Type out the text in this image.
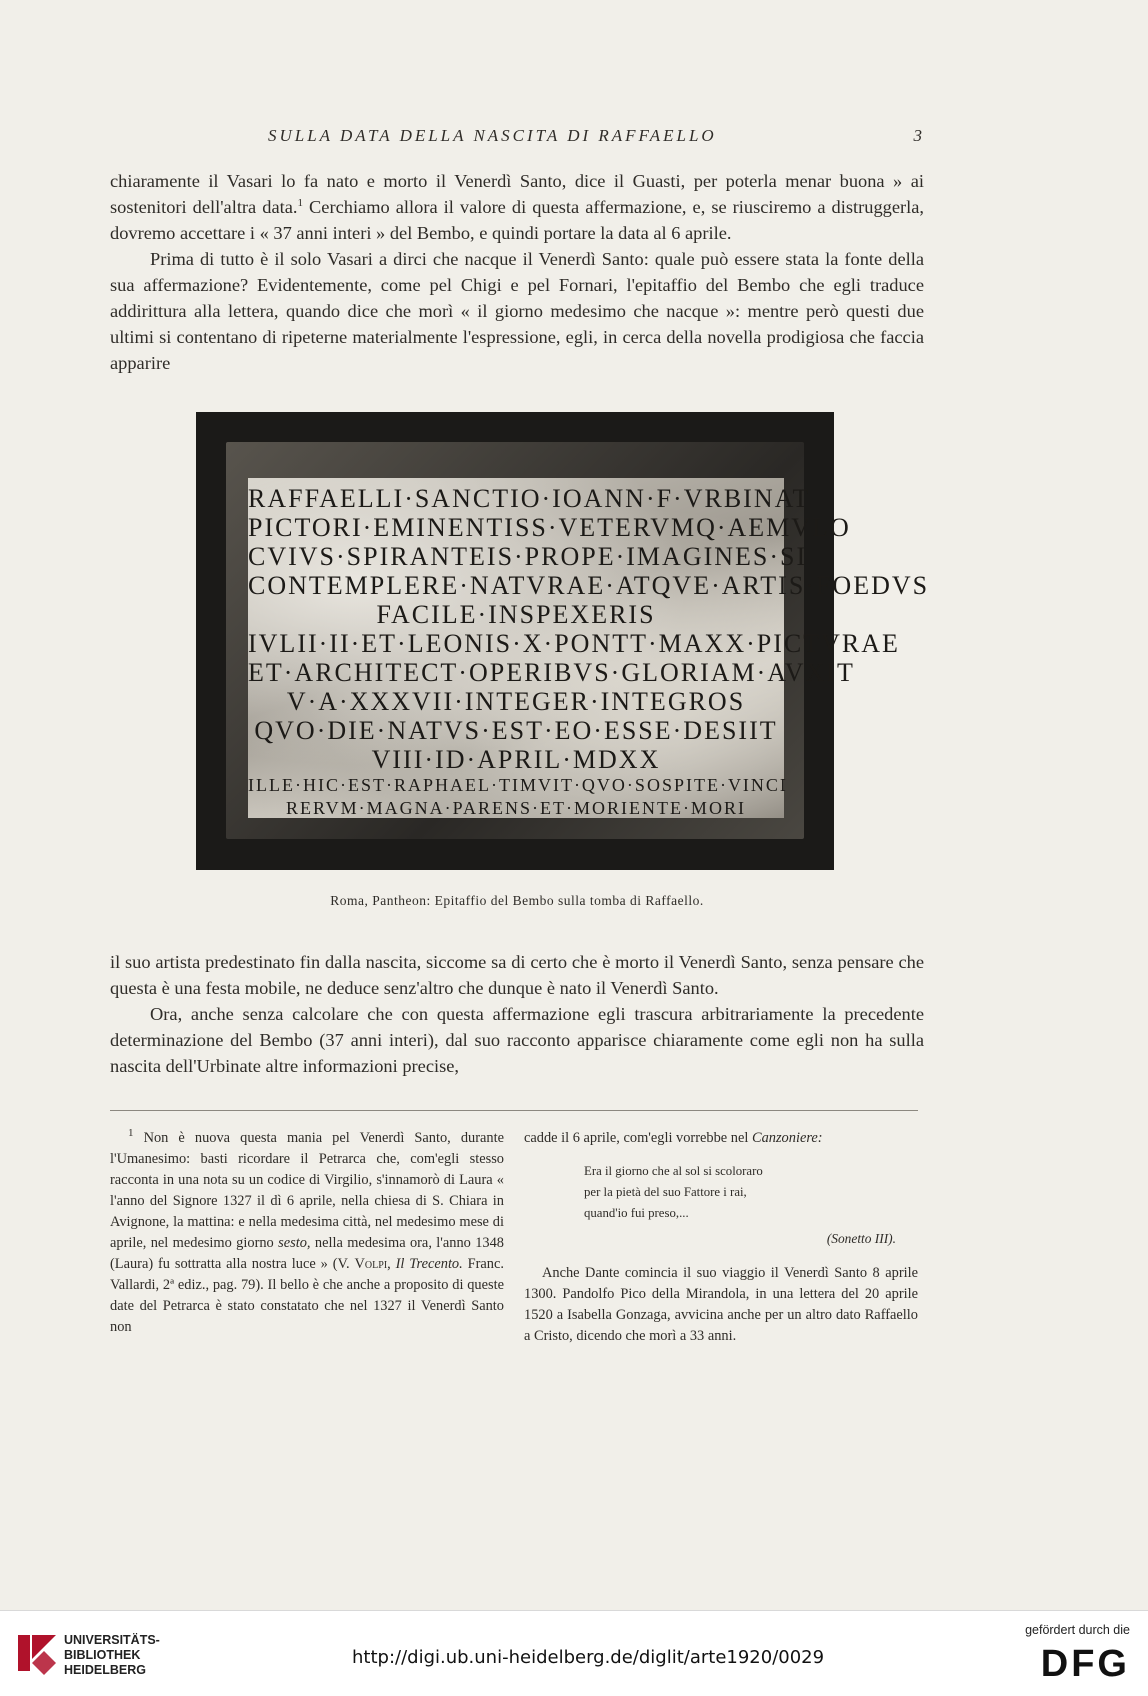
SULLA DATA DELLA NASCITA DI RAFFAELLO	3

chiaramente il Vasari lo fa nato e morto il Venerdì Santo, dice il Guasti, per poterla menar buona » ai sostenitori dell'altra data.$^1$ Cerchiamo allora il valore di questa affermazione, e, se riusciremo a distruggerla, dovremo accettare i « 37 anni interi » del Bembo, e quindi portare la data al 6 aprile.

Prima di tutto è il solo Vasari a dirci che nacque il Venerdì Santo: quale può essere stata la fonte della sua affermazione? Evidentemente, come pel Chigi e pel Fornari, l'epitaffio del Bembo che egli traduce addirittura alla lettera, quando dice che morì « il giorno medesimo che nacque »: mentre però questi due ultimi si contentano di ripeterne materialmente l'espressione, egli, in cerca della novella prodigiosa che faccia apparire

RAFFAELLI·SANCTIO·IOANN·F·VRBINAT
PICTORI·EMINENTISS·VETERVMQ·AEMVLO
CVIVS·SPIRANTEIS·PROPE·IMAGINES·SI
CONTEMPLERE·NATVRAE·ATQVE·ARTIS·FOEDVS
FACILE·INSPEXERIS
IVLII·II·ET·LEONIS·X·PONTT·MAXX·PICTVRAE
ET·ARCHITECT·OPERIBVS·GLORIAM·AVXIT
V·A·XXXVII·INTEGER·INTEGROS
QVO·DIE·NATVS·EST·EO·ESSE·DESIIT
VIII·ID·APRIL·MDXX
ILLE·HIC·EST·RAPHAEL·TIMVIT·QVO·SOSPITE·VINCI
RERVM·MAGNA·PARENS·ET·MORIENTE·MORI
Roma, Pantheon: Epitaffio del Bembo sulla tomba di Raffaello.

il suo artista predestinato fin dalla nascita, siccome sa di certo che è morto il Venerdì Santo, senza pensare che questa è una festa mobile, ne deduce senz'altro che dunque è nato il Venerdì Santo.

Ora, anche senza calcolare che con questa affermazione egli trascura arbitrariamente la precedente determinazione del Bembo (37 anni interi), dal suo racconto apparisce chiaramente come egli non ha sulla nascita dell'Urbinate altre informazioni precise,

$^1$ Non è nuova questa mania pel Venerdì Santo, durante l'Umanesimo: basti ricordare il Petrarca che, com'egli stesso racconta in una nota su un codice di Virgilio, s'innamorò di Laura « l'anno del Signore 1327 il dì 6 aprile, nella chiesa di S. Chiara in Avignone, la mattina: e nella medesima città, nel medesimo mese di aprile, nel medesimo giorno sesto, nella medesima ora, l'anno 1348 (Laura) fu sottratta alla nostra luce » (V. Volpi, Il Trecento. Franc. Vallardi, 2ª ediz., pag. 79). Il bello è che anche a proposito di queste date del Petrarca è stato constatato che nel 1327 il Venerdì Santo non

cadde il 6 aprile, com'egli vorrebbe nel Canzoniere:

Era il giorno che al sol si scoloraro
per la pietà del suo Fattore i rai,
quand'io fui preso,...
(Sonetto III).

Anche Dante comincia il suo viaggio il Venerdì Santo 8 aprile 1300. Pandolfo Pico della Mirandola, in una lettera del 20 aprile 1520 a Isabella Gonzaga, avvicina anche per un altro dato Raffaello a Cristo, dicendo che morì a 33 anni.

UNIVERSITÄTS-
BIBLIOTHEK
HEIDELBERG
http://digi.ub.uni-heidelberg.de/diglit/arte1920/0029
gefördert durch die
DFG
